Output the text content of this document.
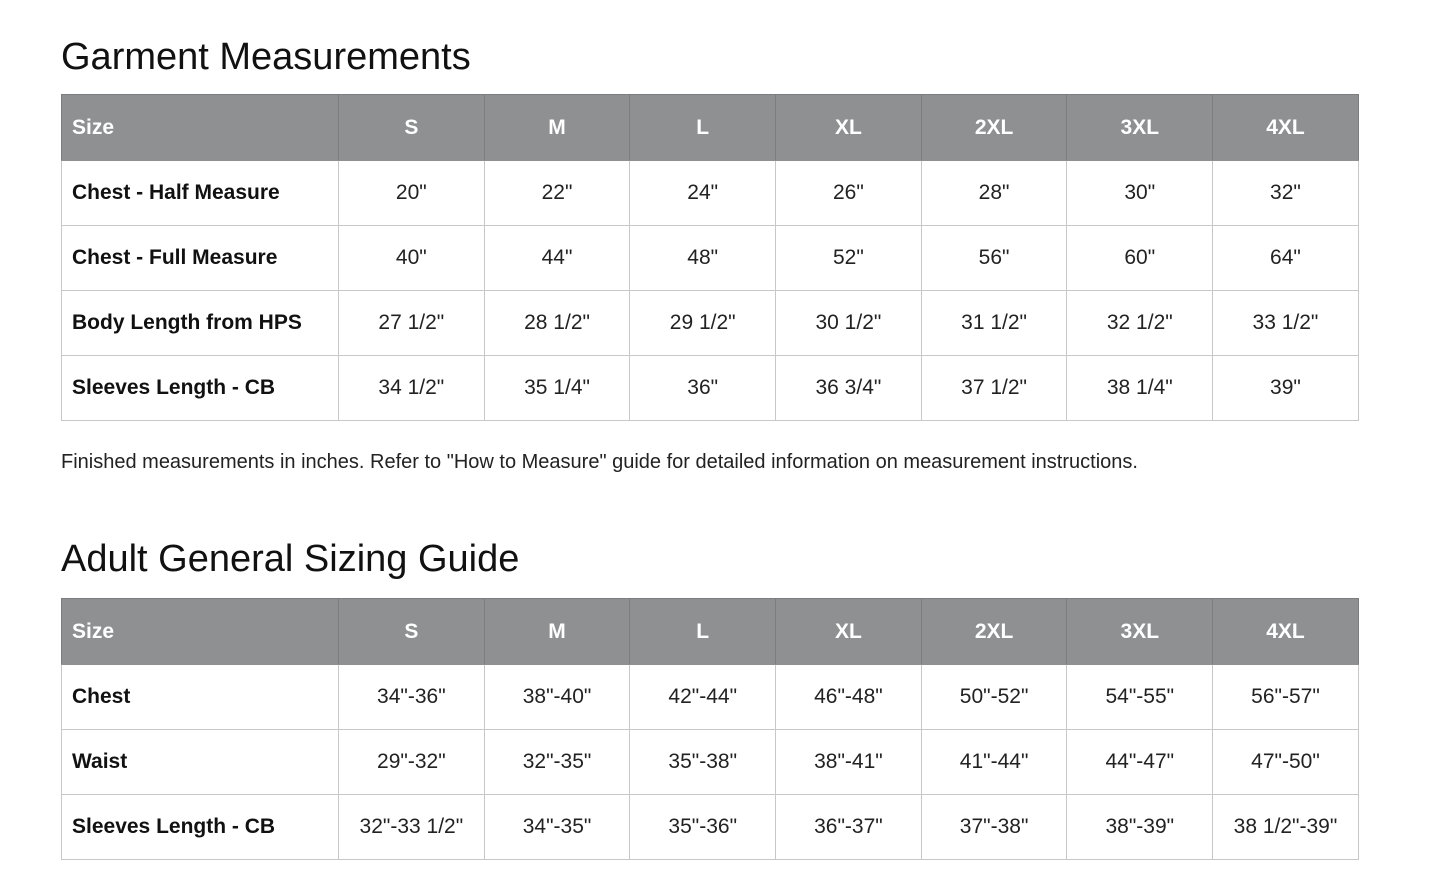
Garment Measurements
Size	S	M	L	XL	2XL	3XL	4XL
Chest - Half Measure	20"	22"	24"	26"	28"	30"	32"
Chest - Full Measure	40"	44"	48"	52"	56"	60"	64"
Body Length from HPS	27 1/2"	28 1/2"	29 1/2"	30 1/2"	31 1/2"	32 1/2"	33 1/2"
Sleeves Length - CB	34 1/2"	35 1/4"	36"	36 3/4"	37 1/2"	38 1/4"	39"

Finished measurements in inches. Refer to "How to Measure" guide for detailed information on measurement instructions.

Adult General Sizing Guide
Size	S	M	L	XL	2XL	3XL	4XL
Chest	34"-36"	38"-40"	42"-44"	46"-48"	50"-52"	54"-55"	56"-57"
Waist	29"-32"	32"-35"	35"-38"	38"-41"	41"-44"	44"-47"	47"-50"
Sleeves Length - CB	32"-33 1/2"	34"-35"	35"-36"	36"-37"	37"-38"	38"-39"	38 1/2"-39"
